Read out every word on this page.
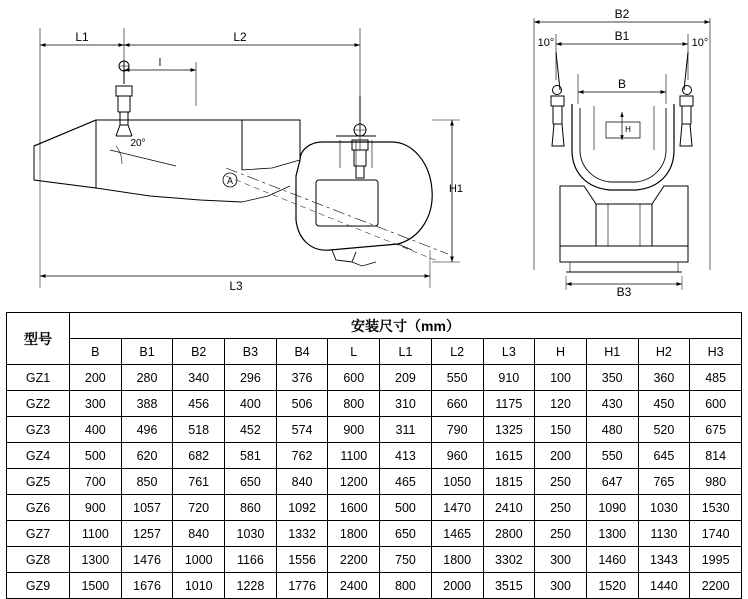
L1	L2
l
L3
H1
20°
A
B2
B1
B
B3
10°	10°
H
型号	安装尺寸（mm）												
	B	B1	B2	B3	B4	L	L1	L2	L3	H	H1	H2	H3
GZ1	200	280	340	296	376	600	209	550	910	100	350	360	485
GZ2	300	388	456	400	506	800	310	660	1175	120	430	450	600
GZ3	400	496	518	452	574	900	311	790	1325	150	480	520	675
GZ4	500	620	682	581	762	1100	413	960	1615	200	550	645	814
GZ5	700	850	761	650	840	1200	465	1050	1815	250	647	765	980
GZ6	900	1057	720	860	1092	1600	500	1470	2410	250	1090	1030	1530
GZ7	1100	1257	840	1030	1332	1800	650	1465	2800	250	1300	1130	1740
GZ8	1300	1476	1000	1166	1556	2200	750	1800	3302	300	1460	1343	1995
GZ9	1500	1676	1010	1228	1776	2400	800	2000	3515	300	1520	1440	2200
